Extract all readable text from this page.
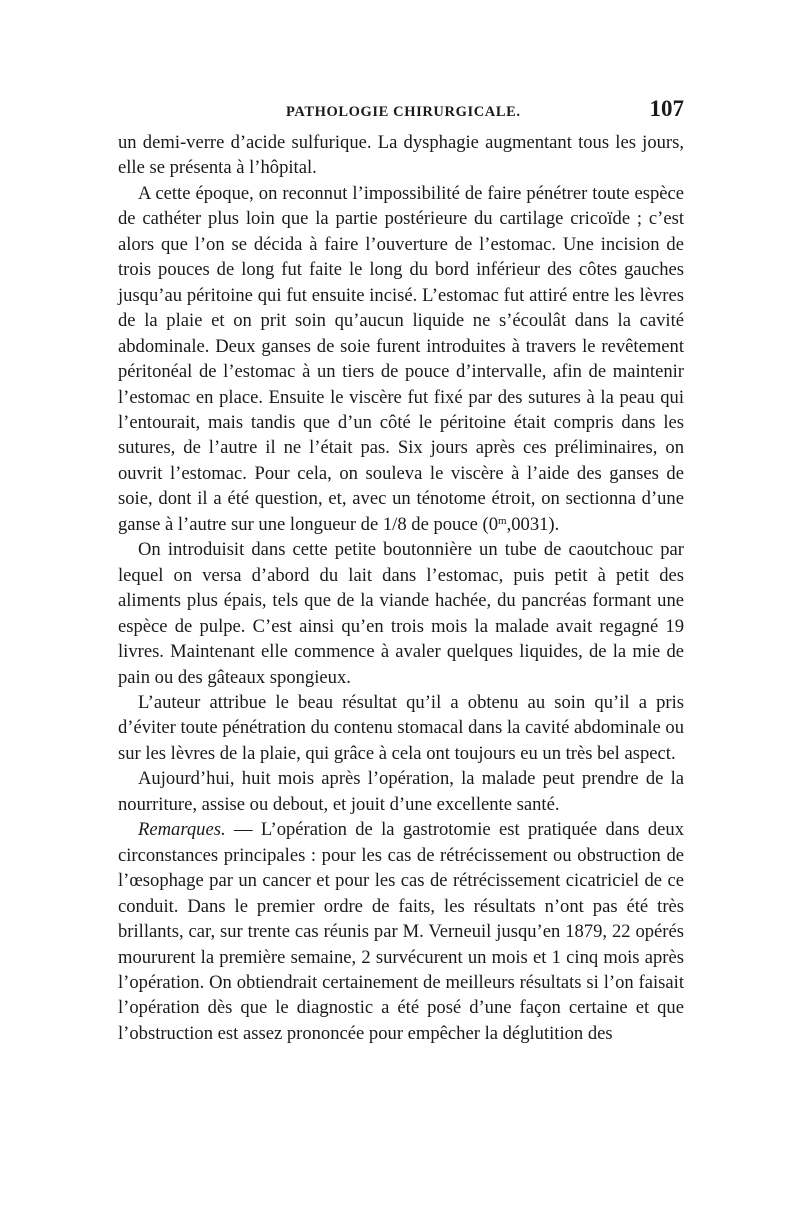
PATHOLOGIE CHIRURGICALE.	107

un demi-verre d’acide sulfurique. La dysphagie augmentant tous les jours, elle se présenta à l’hôpital.

A cette époque, on reconnut l’impossibilité de faire pénétrer toute espèce de cathéter plus loin que la partie postérieure du cartilage cricoïde ; c’est alors que l’on se décida à faire l’ouverture de l’estomac. Une incision de trois pouces de long fut faite le long du bord inférieur des côtes gauches jusqu’au péritoine qui fut ensuite incisé. L’estomac fut attiré entre les lèvres de la plaie et on prit soin qu’aucun liquide ne s’écoulât dans la cavité abdominale. Deux ganses de soie furent introduites à travers le revêtement péritonéal de l’estomac à un tiers de pouce d’intervalle, afin de maintenir l’estomac en place. Ensuite le viscère fut fixé par des sutures à la peau qui l’entourait, mais tandis que d’un côté le péritoine était compris dans les sutures, de l’autre il ne l’était pas. Six jours après ces préliminaires, on ouvrit l’estomac. Pour cela, on souleva le viscère à l’aide des ganses de soie, dont il a été question, et, avec un ténotome étroit, on sectionna d’une ganse à l’autre sur une longueur de 1/8 de pouce (0$^m$,0031).

On introduisit dans cette petite boutonnière un tube de caoutchouc par lequel on versa d’abord du lait dans l’estomac, puis petit à petit des aliments plus épais, tels que de la viande hachée, du pancréas formant une espèce de pulpe. C’est ainsi qu’en trois mois la malade avait regagné 19 livres. Maintenant elle commence à avaler quelques liquides, de la mie de pain ou des gâteaux spongieux.

L’auteur attribue le beau résultat qu’il a obtenu au soin qu’il a pris d’éviter toute pénétration du contenu stomacal dans la cavité abdominale ou sur les lèvres de la plaie, qui grâce à cela ont toujours eu un très bel aspect.

Aujourd’hui, huit mois après l’opération, la malade peut prendre de la nourriture, assise ou debout, et jouit d’une excellente santé.

Remarques. — L’opération de la gastrotomie est pratiquée dans deux circonstances principales : pour les cas de rétrécissement ou obstruction de l’œsophage par un cancer et pour les cas de rétrécissement cicatriciel de ce conduit. Dans le premier ordre de faits, les résultats n’ont pas été très brillants, car, sur trente cas réunis par M. Verneuil jusqu’en 1879, 22 opérés moururent la première semaine, 2 survécurent un mois et 1 cinq mois après l’opération. On obtiendrait certainement de meilleurs résultats si l’on faisait l’opération dès que le diagnostic a été posé d’une façon certaine et que l’obstruction est assez prononcée pour empêcher la déglutition des
